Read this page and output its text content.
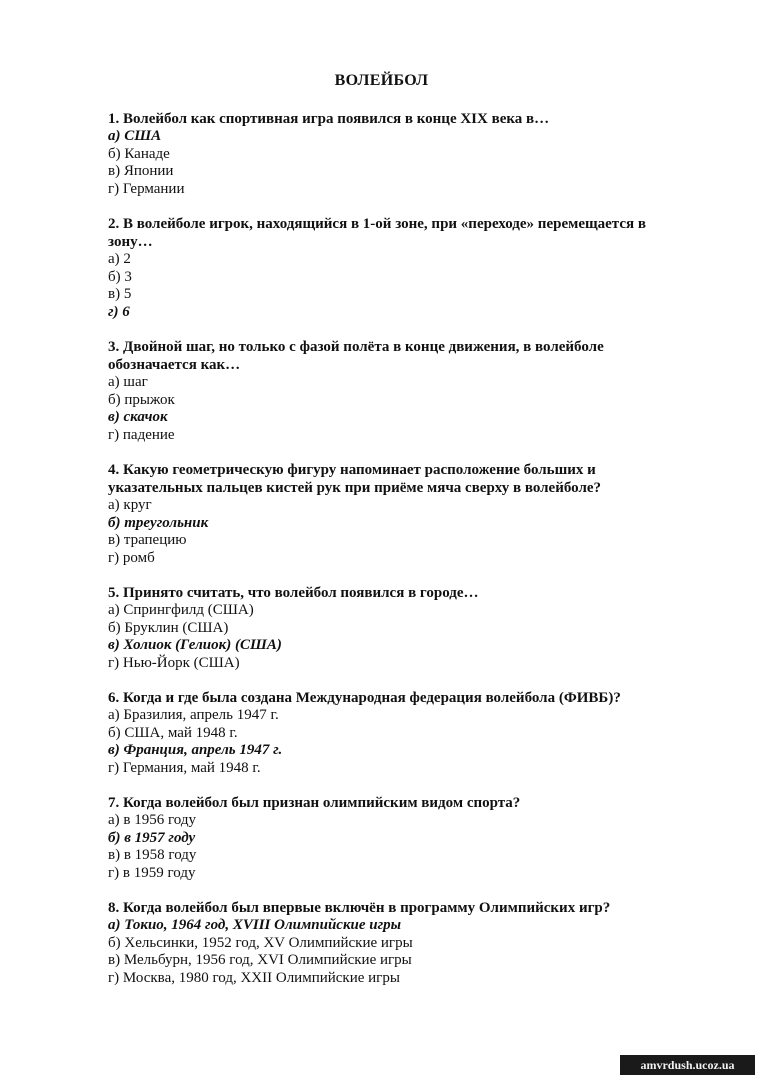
ВОЛЕЙБОЛ
1. Волейбол как спортивная игра появился в конце XIX века в…
а) США
б) Канаде
в) Японии
г) Германии
2. В волейболе игрок, находящийся в 1-ой зоне, при «переходе» перемещается в зону…
а) 2
б) 3
в) 5
г) 6
3. Двойной шаг, но только с фазой полёта в конце движения, в волейболе обозначается как…
а) шаг
б) прыжок
в) скачок
г) падение
4. Какую геометрическую фигуру напоминает расположение больших и указательных пальцев кистей рук при приёме мяча сверху в волейболе?
а) круг
б) треугольник
в) трапецию
г) ромб
5. Принято считать, что волейбол появился в городе…
а) Спрингфилд (США)
б) Бруклин (США)
в) Холиок (Гелиок) (США)
г) Нью-Йорк (США)
6. Когда и где была создана Международная федерация волейбола (ФИВБ)?
а) Бразилия, апрель 1947 г.
б) США, май 1948 г.
в) Франция, апрель 1947 г.
г) Германия, май 1948 г.
7. Когда волейбол был признан олимпийским видом спорта?
а) в 1956 году
б) в 1957 году
в) в 1958 году
г) в 1959 году
8. Когда волейбол был впервые включён в программу Олимпийских игр?
а) Токио, 1964 год, XVIII Олимпийские игры
б) Хельсинки, 1952 год, XV Олимпийские игры
в) Мельбурн, 1956 год, XVI Олимпийские игры
г) Москва, 1980 год, XXII Олимпийские игры
amvrdush.ucoz.ua
